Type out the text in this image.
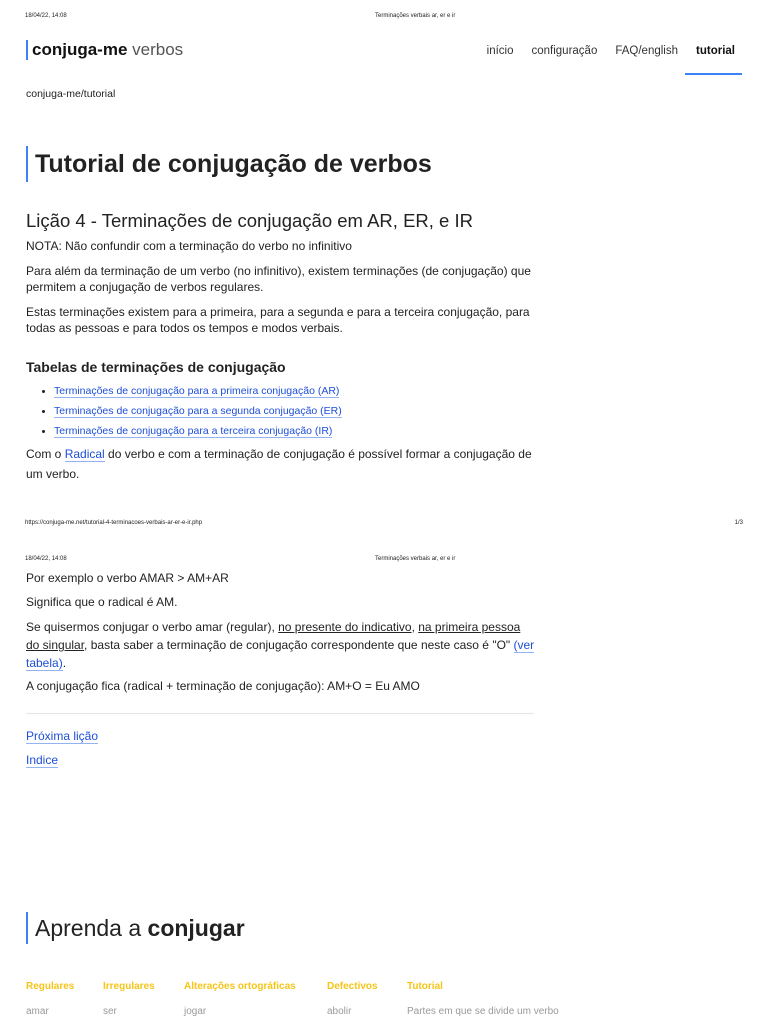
18/04/22, 14:08	Terminações verbais ar, er e ir
conjuga-me verbos	início	configuração	FAQ/english	tutorial
conjuga-me/tutorial
Tutorial de conjugação de verbos
Lição 4 - Terminações de conjugação em AR, ER, e IR

NOTA: Não confundir com a terminação do verbo no infinitivo

Para além da terminação de um verbo (no infinitivo), existem terminações (de conjugação) que permitem a conjugação de verbos regulares.

Estas terminações existem para a primeira, para a segunda e para a terceira conjugação, para todas as pessoas e para todos os tempos e modos verbais.

Tabelas de terminações de conjugação
Terminações de conjugação para a primeira conjugação (AR)
Terminações de conjugação para a segunda conjugação (ER)
Terminações de conjugação para a terceira conjugação (IR)

Com o Radical do verbo e com a terminação de conjugação é possível formar a conjugação de um verbo.

https://conjuga-me.net/tutorial-4-terminacoes-verbais-ar-er-e-ir.php	1/3
18/04/22, 14:08	Terminações verbais ar, er e ir

Por exemplo o verbo AMAR > AM+AR

Significa que o radical é AM.

Se quisermos conjugar o verbo amar (regular), no presente do indicativo, na primeira pessoa do singular, basta saber a terminação de conjugação correspondente que neste caso é "O" (ver tabela).

A conjugação fica (radical + terminação de conjugação): AM+O = Eu AMO

Próxima lição

Indice

Aprenda a conjugar
Regulares
amar
Irregulares
ser
Alterações ortográficas
jogar
Defectivos
abolir
Tutorial
Partes em que se divide um verbo
